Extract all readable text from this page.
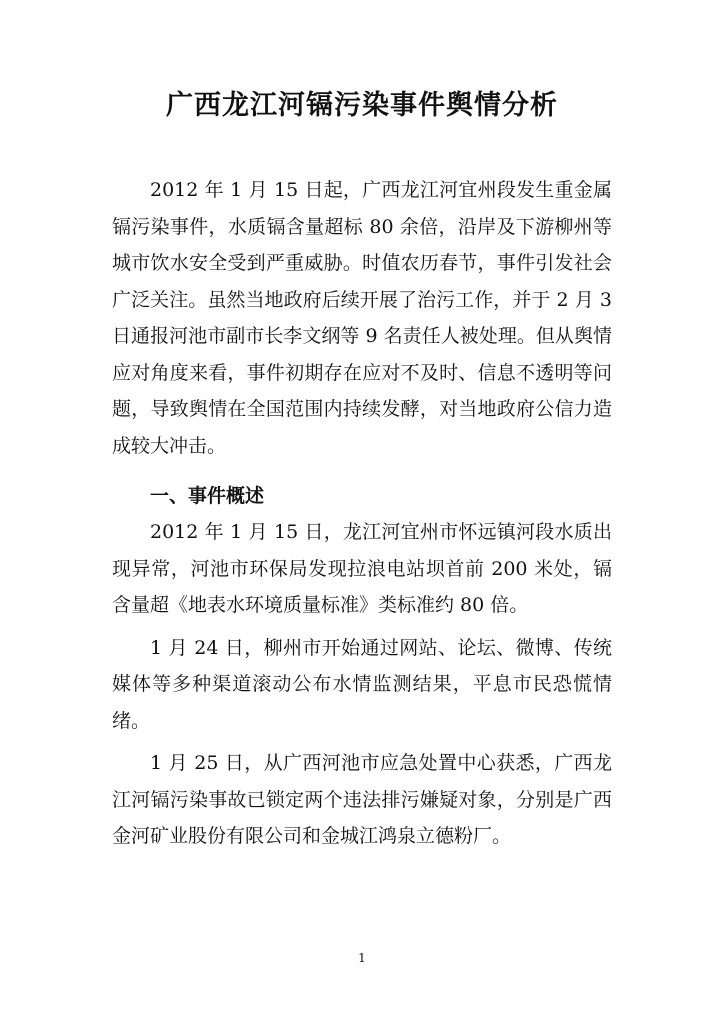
广西龙江河镉污染事件舆情分析

2012 年 1 月 15 日起，广西龙江河宜州段发生重金属镉污染事件，水质镉含量超标 80 余倍，沿岸及下游柳州等城市饮水安全受到严重威胁。时值农历春节，事件引发社会广泛关注。虽然当地政府后续开展了治污工作，并于 2 月 3 日通报河池市副市长李文纲等 9 名责任人被处理。但从舆情应对角度来看，事件初期存在应对不及时、信息不透明等问题，导致舆情在全国范围内持续发酵，对当地政府公信力造成较大冲击。

一、事件概述

2012 年 1 月 15 日，龙江河宜州市怀远镇河段水质出现异常，河池市环保局发现拉浪电站坝首前 200 米处，镉含量超《地表水环境质量标准》类标准约 80 倍。

1 月 24 日，柳州市开始通过网站、论坛、微博、传统媒体等多种渠道滚动公布水情监测结果，平息市民恐慌情绪。

1 月 25 日，从广西河池市应急处置中心获悉，广西龙江河镉污染事故已锁定两个违法排污嫌疑对象，分别是广西金河矿业股份有限公司和金城江鸿泉立德粉厂。

1
